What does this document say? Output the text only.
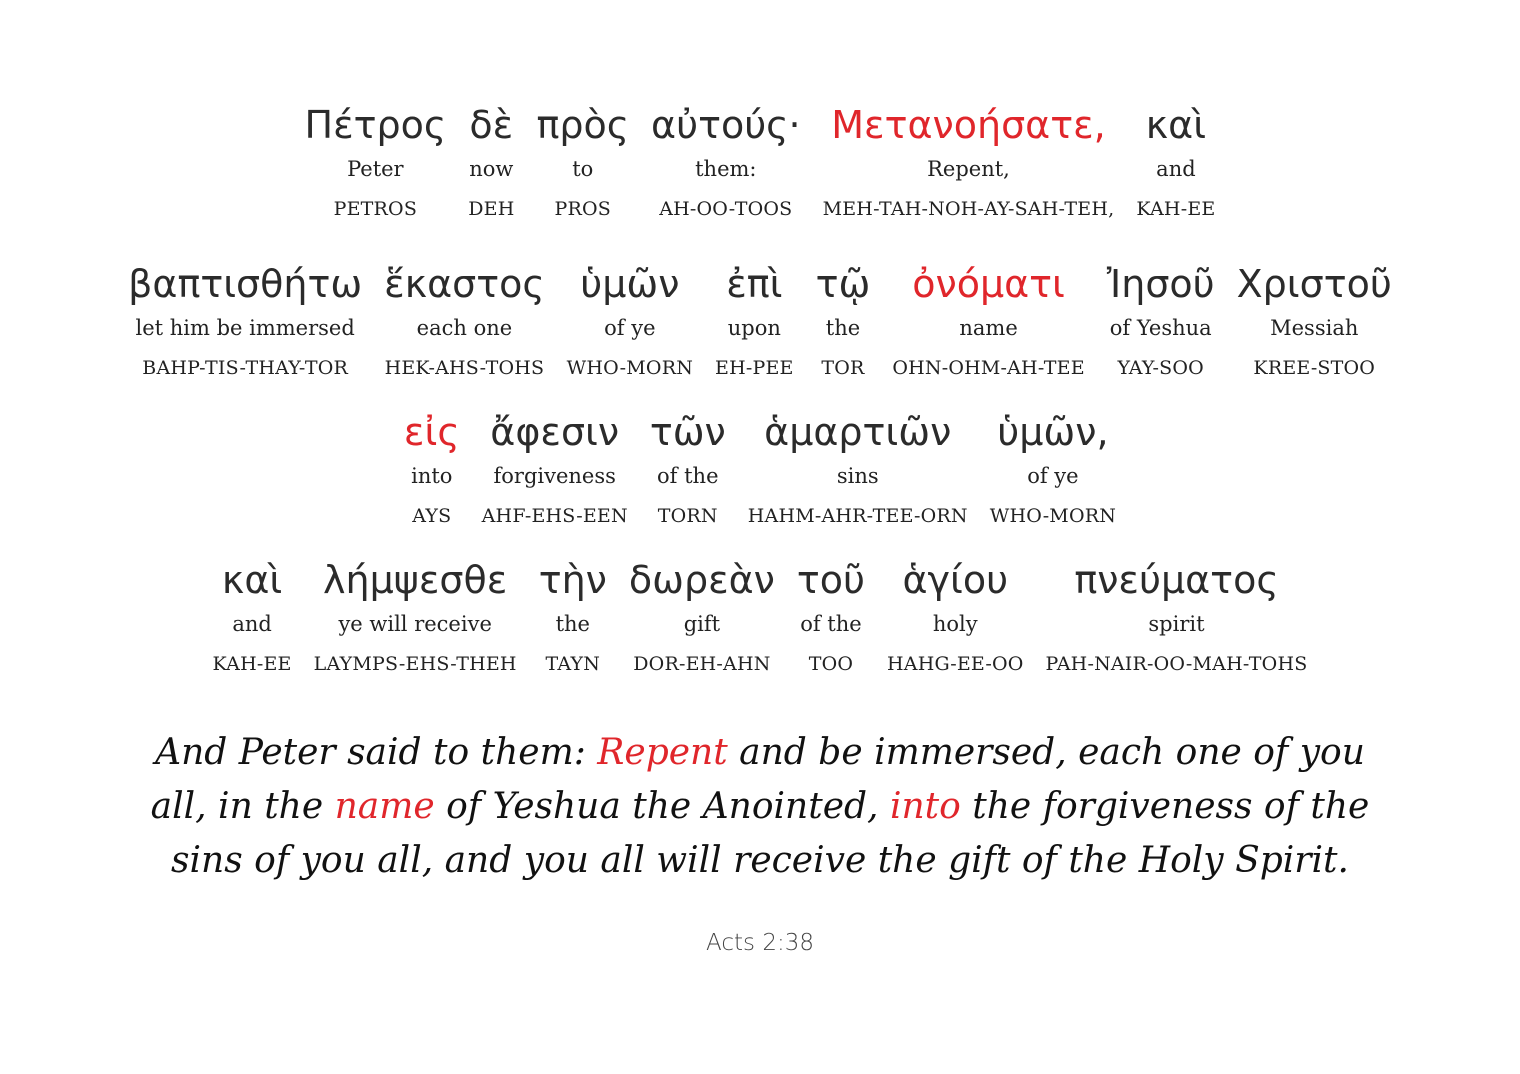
Πέτρος
Peter
PETROS
δὲ
now
DEH
πρὸς
to
PROS
αὐτούς·
them:
AH-OO-TOOS
Μετανοήσατε,
Repent,
MEH-TAH-NOH-AY-SAH-TEH,
καὶ
and
KAH-EE
βαπτισθήτω
let him be immersed
BAHP-TIS-THAY-TOR
ἕκαστος
each one
HEK-AHS-TOHS
ὑμῶν
of ye
WHO-MORN
ἐπὶ
upon
EH-PEE
τῷ
the
TOR
ὀνόματι
name
OHN-OHM-AH-TEE
Ἰησοῦ
of Yeshua
YAY-SOO
Χριστοῦ
Messiah
KREE-STOO
εἰς
into
AYS
ἄφεσιν
forgiveness
AHF-EHS-EEN
τῶν
of the
TORN
ἁμαρτιῶν
sins
HAHM-AHR-TEE-ORN
ὑμῶν,
of ye
WHO-MORN
καὶ
and
KAH-EE
λήμψεσθε
ye will receive
LAYMPS-EHS-THEH
τὴν
the
TAYN
δωρεὰν
gift
DOR-EH-AHN
τοῦ
of the
TOO
ἁγίου
holy
HAHG-EE-OO
πνεύματος
spirit
PAH-NAIR-OO-MAH-TOHS

And Peter said to them: Repent and be immersed, each one of you all, in the name of Yeshua the Anointed, into the forgiveness of the sins of you all, and you all will receive the gift of the Holy Spirit.

Acts 2:38
